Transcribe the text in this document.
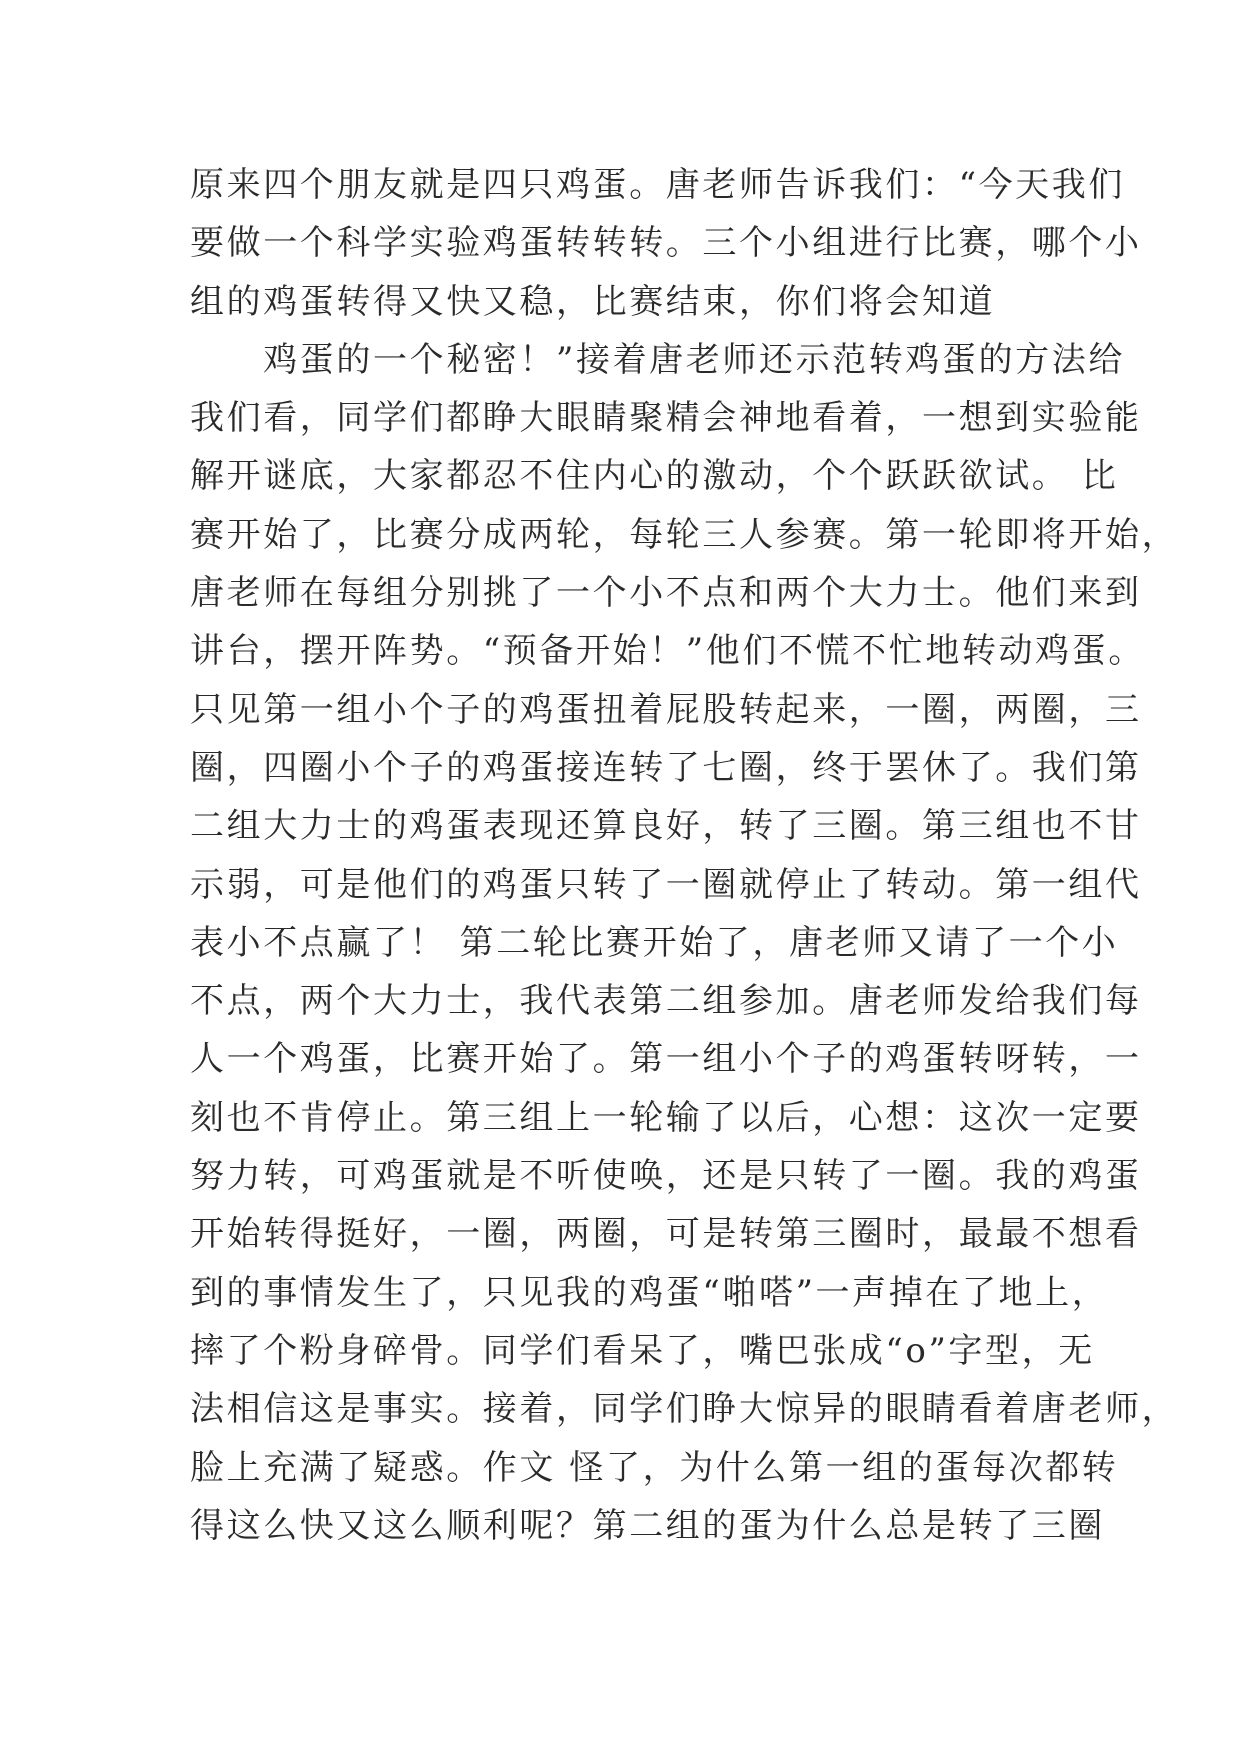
原来四个朋友就是四只鸡蛋。唐老师告诉我们：“今天我们
要做一个科学实验鸡蛋转转转。三个小组进行比赛，哪个小
组的鸡蛋转得又快又稳，比赛结束，你们将会知道
　　鸡蛋的一个秘密！”接着唐老师还示范转鸡蛋的方法给
我们看，同学们都睁大眼睛聚精会神地看着，一想到实验能
解开谜底，大家都忍不住内心的激动，个个跃跃欲试。 比
赛开始了，比赛分成两轮，每轮三人参赛。第一轮即将开始，
唐老师在每组分别挑了一个小不点和两个大力士。他们来到
讲台，摆开阵势。“预备开始！”他们不慌不忙地转动鸡蛋。
只见第一组小个子的鸡蛋扭着屁股转起来，一圈，两圈，三
圈，四圈小个子的鸡蛋接连转了七圈，终于罢休了。我们第
二组大力士的鸡蛋表现还算良好，转了三圈。第三组也不甘
示弱，可是他们的鸡蛋只转了一圈就停止了转动。第一组代
表小不点赢了！ 第二轮比赛开始了，唐老师又请了一个小
不点，两个大力士，我代表第二组参加。唐老师发给我们每
人一个鸡蛋，比赛开始了。第一组小个子的鸡蛋转呀转，一
刻也不肯停止。第三组上一轮输了以后，心想：这次一定要
努力转，可鸡蛋就是不听使唤，还是只转了一圈。我的鸡蛋
开始转得挺好，一圈，两圈，可是转第三圈时，最最不想看
到的事情发生了，只见我的鸡蛋“啪嗒”一声掉在了地上，
摔了个粉身碎骨。同学们看呆了，嘴巴张成“o”字型，无
法相信这是事实。接着，同学们睁大惊异的眼睛看着唐老师，
脸上充满了疑惑。作文 怪了，为什么第一组的蛋每次都转
得这么快又这么顺利呢？第二组的蛋为什么总是转了三圈
